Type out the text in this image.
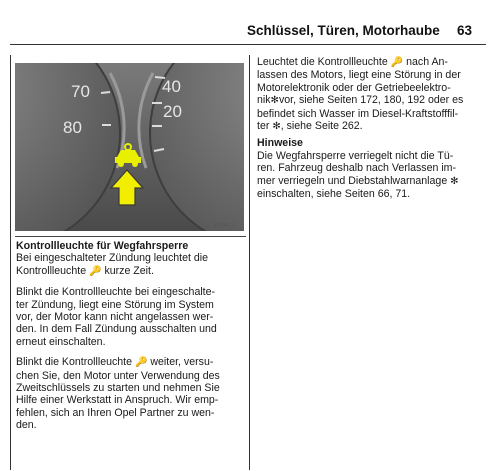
Schlüssel, Türen, Motorhaube 63
70
80
40
20
17544 J
Kontrollleuchte für Wegfahrsperre
Bei eingeschalteter Zündung leuchtet die
Kontrollleuchte 🔑 kurze Zeit.
Blinkt die Kontrollleuchte bei eingeschalte-
ter Zündung, liegt eine Störung im System
vor, der Motor kann nicht angelassen wer-
den. In dem Fall Zündung ausschalten und
erneut einschalten.
Blinkt die Kontrollleuchte 🔑 weiter, versu-
chen Sie, den Motor unter Verwendung des
Zweitschlüssels zu starten und nehmen Sie
Hilfe einer Werkstatt in Anspruch. Wir emp-
fehlen, sich an Ihren Opel Partner zu wen-
den.
Leuchtet die Kontrollleuchte 🔑 nach An-
lassen des Motors, liegt eine Störung in der
Motorelektronik oder der Getriebeelektro-
nik✻vor, siehe Seiten 172, 180, 192 oder es
befindet sich Wasser im Diesel-Kraftstofffil-
ter ✻, siehe Seite 262.
Hinweise
Die Wegfahrsperre verriegelt nicht die Tü-
ren. Fahrzeug deshalb nach Verlassen im-
mer verriegeln und Diebstahlwarnanlage ✻
einschalten, siehe Seiten 66, 71.
